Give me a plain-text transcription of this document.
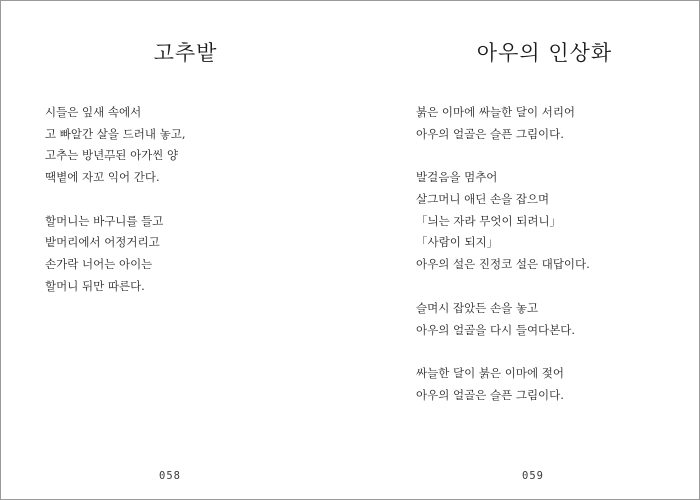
고추밭
시들은 잎새 속에서
고 빠알간 살을 드러내 놓고,
고추는 방년ᄁᆕ된 아가씬 양
땍볕에 자꼬 익어 간다.
할머니는 바구니를 들고
밭머리에서 어정거리고
손가락 너어는 아이는
할머니 뒤만 따른다.
058
아우의 인상화
붉은 이마에 싸늘한 달이 서리어
아우의 얼골은 슬픈 그림이다.
발걸음을 멈추어
살그머니 애딘 손을 잡으며
「늬는 자라 무엇이 되려니」
「사람이 되지」
아우의 설은 진정코 설은 대답이다.
슬며시 잡았든 손을 놓고
아우의 얼골을 다시 들여다본다.
싸늘한 달이 붉은 이마에 젖어
아우의 얼골은 슬픈 그림이다.
059
